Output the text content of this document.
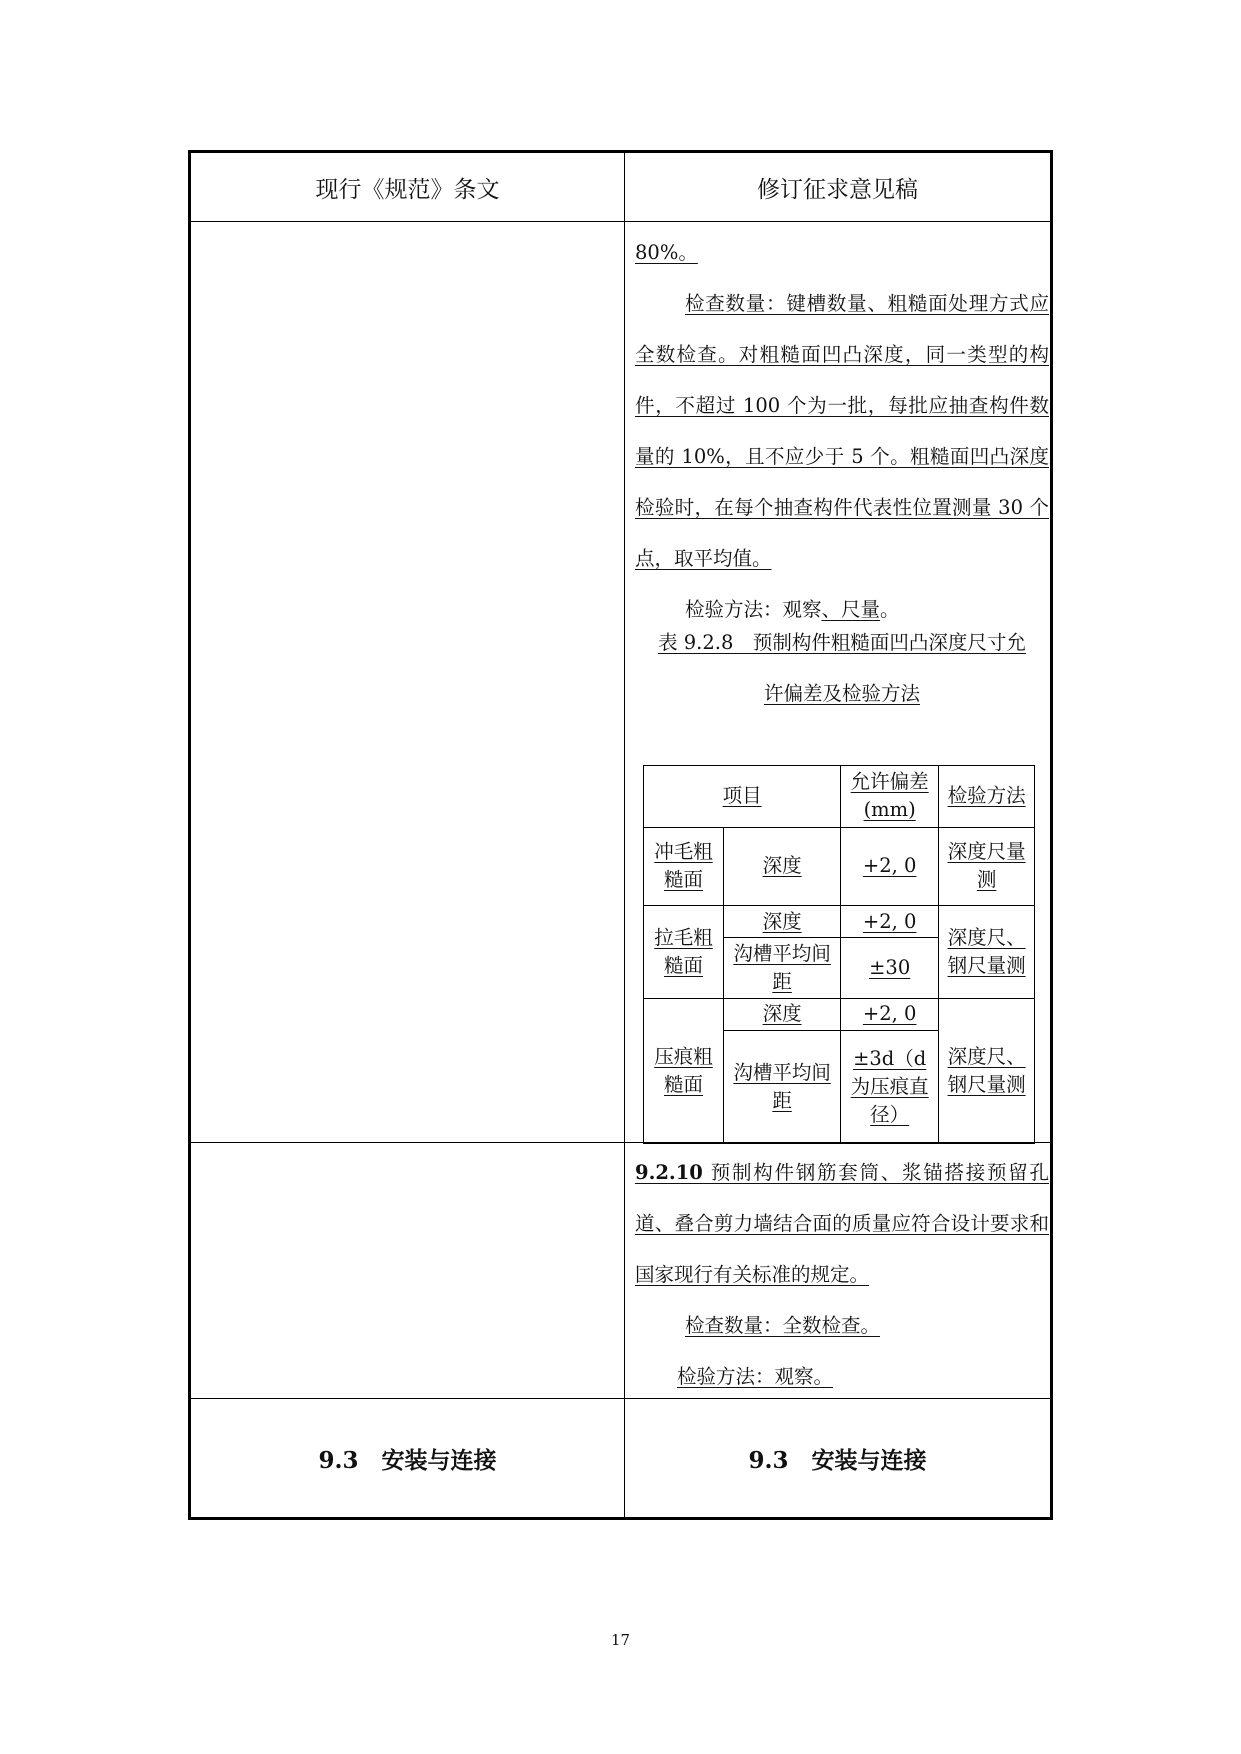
现行《规范》条文	修订征求意见稿

80%。

检查数量：键槽数量、粗糙面处理方式应全数检查。对粗糙面凹凸深度，同一类型的构件，不超过 100 个为一批，每批应抽查构件数量的 10%，且不应少于 5 个。粗糙面凹凸深度检验时，在每个抽查构件代表性位置测量 30 个点，取平均值。

检验方法：观察、尺量。

表 9.2.8　预制构件粗糙面凹凸深度尺寸允
许偏差及检验方法
项目		允许偏差(mm)	检验方法
冲毛粗糙面	深度	+2, 0	深度尺量测
拉毛粗糙面	深度	+2, 0	深度尺、钢尺量测
	沟槽平均间距	±30	
压痕粗糙面	深度	+2, 0	深度尺、钢尺量测
	沟槽平均间距	±3d（d 为压痕直径）	

9.2.10 预制构件钢筋套筒、浆锚搭接预留孔道、叠合剪力墙结合面的质量应符合设计要求和国家现行有关标准的规定。

检查数量：全数检查。

检验方法：观察。

9.3　安装与连接	9.3　安装与连接
17
